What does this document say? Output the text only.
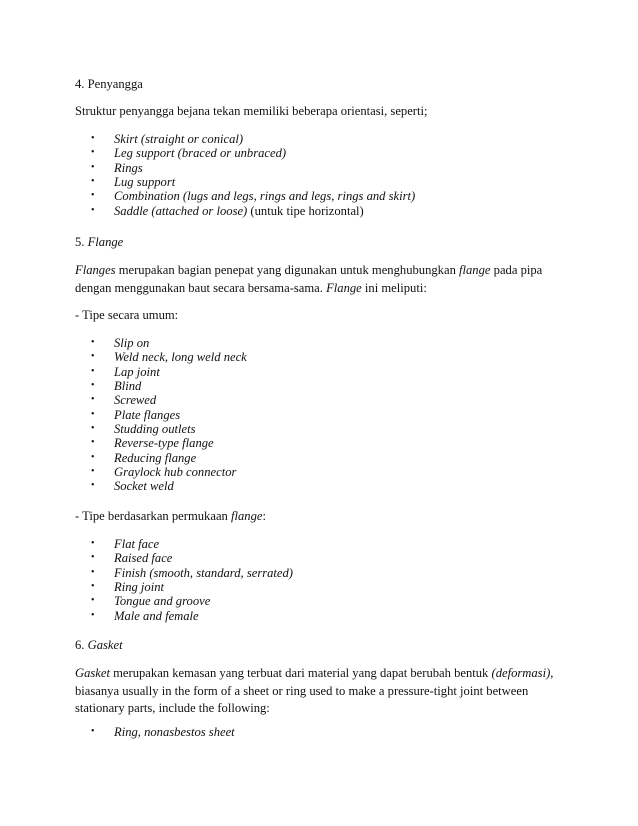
4. Penyangga
Struktur penyangga bejana tekan memiliki beberapa orientasi, seperti;
• Skirt (straight or conical)
• Leg support (braced or unbraced)
• Rings
• Lug support
• Combination (lugs and legs, rings and legs, rings and skirt)
• Saddle (attached or loose) (untuk tipe horizontal)
5. Flange
Flanges merupakan bagian penepat yang digunakan untuk menghubungkan flange pada pipa
dengan menggunakan baut secara bersama-sama. Flange ini meliputi:
- Tipe secara umum:
• Slip on
• Weld neck, long weld neck
• Lap joint
• Blind
• Screwed
• Plate flanges
• Studding outlets
• Reverse-type flange
• Reducing flange
• Graylock hub connector
• Socket weld
- Tipe berdasarkan permukaan flange:
• Flat face
• Raised face
• Finish (smooth, standard, serrated)
• Ring joint
• Tongue and groove
• Male and female
6. Gasket
Gasket merupakan kemasan yang terbuat dari material yang dapat berubah bentuk (deformasi),
biasanya usually in the form of a sheet or ring used to make a pressure-tight joint between
stationary parts, include the following:
• Ring, nonasbestos sheet
